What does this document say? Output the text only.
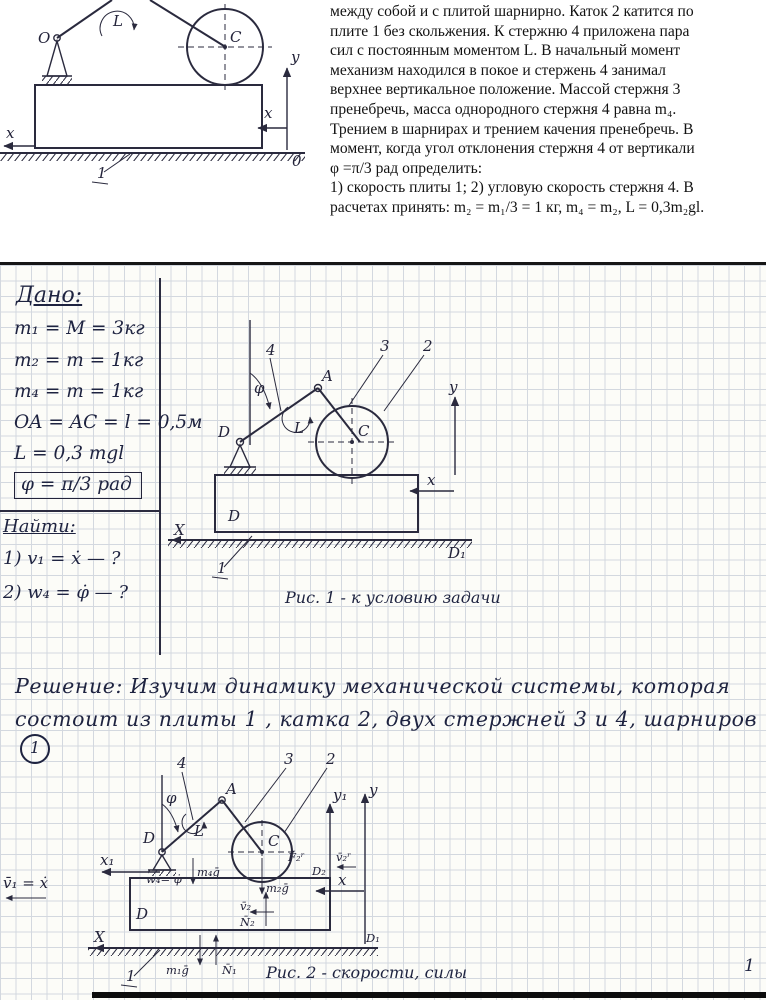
L
O	C
y
x
0
x
1
между собой и с плитой шарнирно. Каток 2 катится по
плите 1 без скольжения. К стержню 4 приложена пара
сил с постоянным моментом L. В начальный момент
механизм находился в покое и стержень 4 занимал
верхнее вертикальное положение. Массой стержня 3
пренебречь, масса однородного стержня 4 равна m₄.
Трением в шарнирах и трением качения пренебречь. В
момент, когда угол отклонения стержня 4 от вертикали
φ =π/3 рад определить:
1) скорость плиты 1; 2) угловую скорость стержня 4. В
расчетах принять: m₂ = m₁/3 = 1 кг, m₄ = m₂, L = 0,3m₂gl.
Дано:
m₁ = M = 3кг
m₂ = m = 1кг
m₄ = m = 1кг
OA = AC = l = 0,5м
L = 0,3 mgl
φ = π/3 рад
Найти:
1) v₁ = ẋ — ?
2) w₄ = φ̇ — ?
φ
A
D
4	3 2
L	C
D
y
x
D₁
X
1
Рис. 1 - к условию задачи
Решение: Изучим динамику механической системы, которая
состоит из плиты 1 , катка 2, двух стержней 3 и 4, шарниров
1
φ	A
D
4	3 2
L
C
w₄= φ̇ m₄ḡ
m₂ḡ
F̄₂ʳ	v̄₂ʳ
v̄₂
N̄₂
y₁ y
x₁
D₂ x
D
v̄₁ = ẋ
D₁
X
m₁ḡ	N̄₁
1	Рис. 2 - скорости, силы	1
